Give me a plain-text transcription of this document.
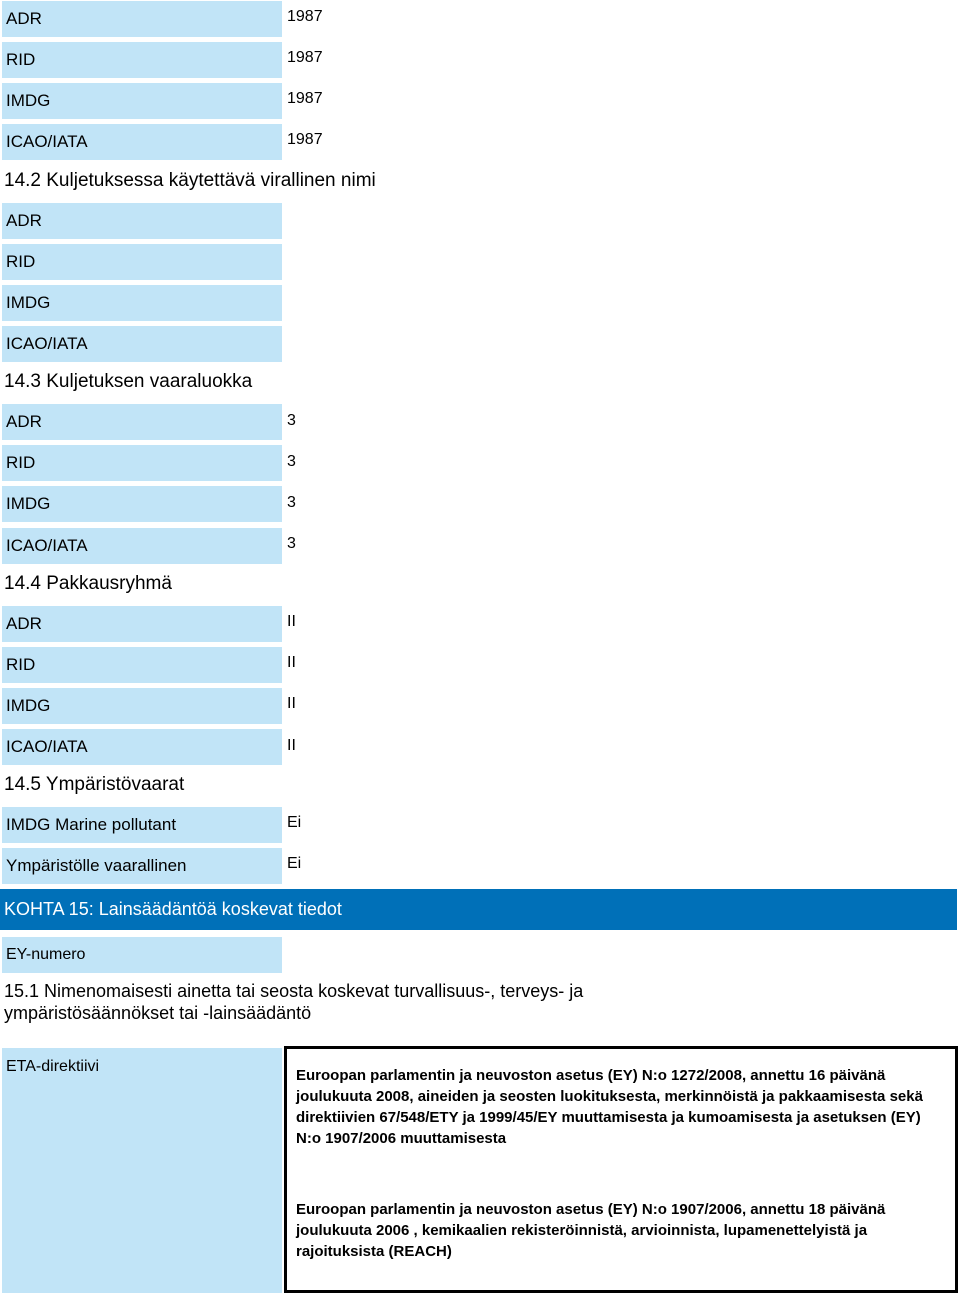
ADR	1987
RID	1987
IMDG	1987
ICAO/IATA	1987
14.2 Kuljetuksessa käytettävä virallinen nimi
ADR
RID
IMDG
ICAO/IATA
14.3 Kuljetuksen vaaraluokka
ADR	3
RID	3
IMDG	3
ICAO/IATA	3
14.4 Pakkausryhmä
ADR	II
RID	II
IMDG	II
ICAO/IATA	II
14.5 Ympäristövaarat
IMDG Marine pollutant	Ei
Ympäristölle vaarallinen	Ei
KOHTA 15: Lainsäädäntöä koskevat tiedot
EY-numero
15.1 Nimenomaisesti ainetta tai seosta koskevat turvallisuus-, terveys- ja ympäristösäännökset tai -lainsäädäntö
ETA-direktiivi
Euroopan parlamentin ja neuvoston asetus (EY) N:o 1272/2008, annettu 16 päivänä joulukuuta 2008, aineiden ja seosten luokituksesta, merkinnöistä ja pakkaamisesta sekä direktiivien 67/548/ETY ja 1999/45/EY muuttamisesta ja kumoamisesta ja asetuksen (EY) N:o 1907/2006 muuttamisesta
Euroopan parlamentin ja neuvoston asetus (EY) N:o 1907/2006, annettu 18 päivänä joulukuuta 2006 , kemikaalien rekisteröinnistä, arvioinnista, lupamenettelyistä ja rajoituksista (REACH)
